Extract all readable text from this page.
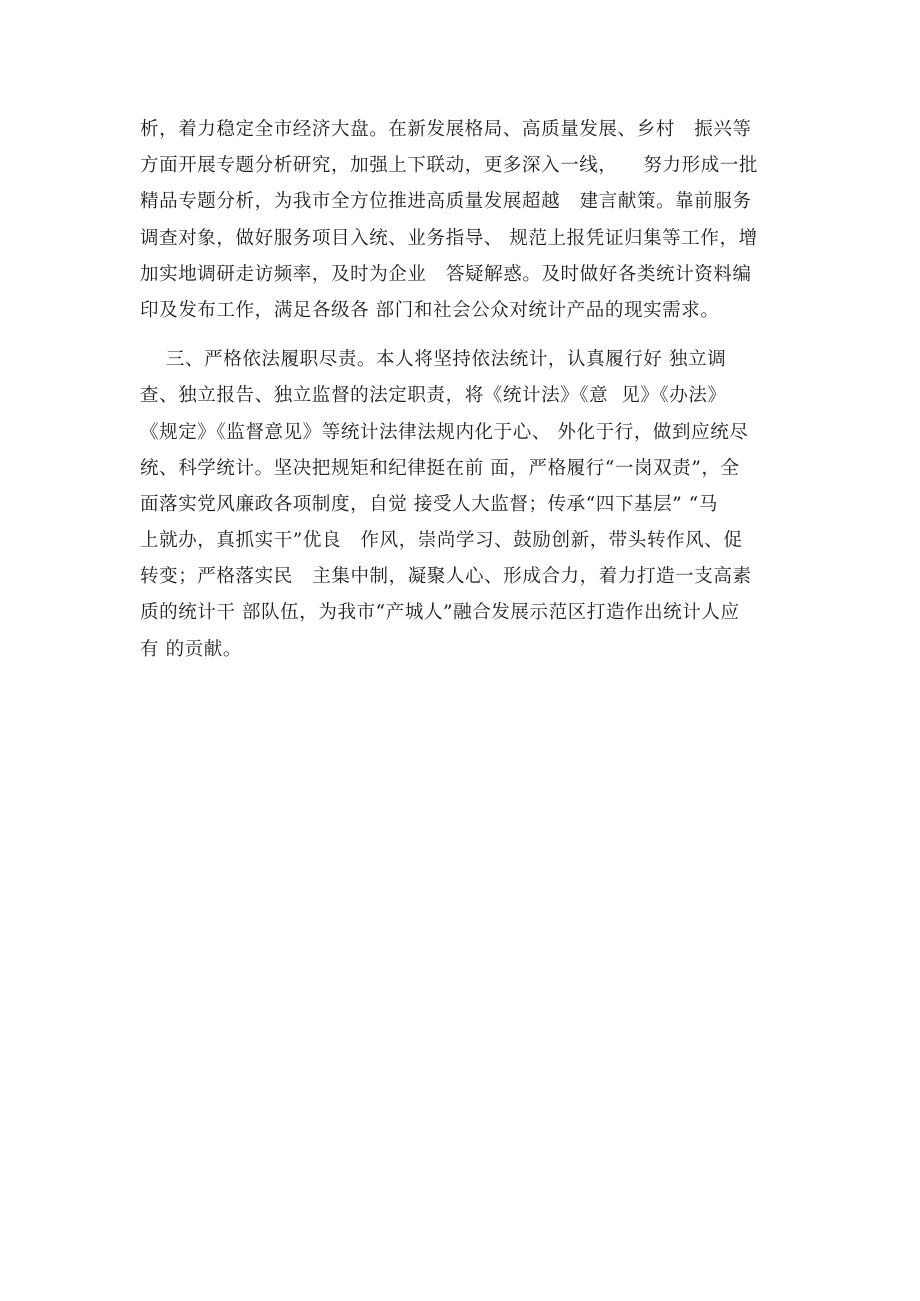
析，着力稳定全市经济大盘。在新发展格局、高质量发展、乡村   振兴等
方面开展专题分析研究，加强上下联动，更多深入一线，    努力形成一批
精品专题分析，为我市全方位推进高质量发展超越   建言献策。靠前服务
调查对象，做好服务项目入统、业务指导、 规范上报凭证归集等工作，增
加实地调研走访频率，及时为企业   答疑解惑。及时做好各类统计资料编
印及发布工作，满足各级各 部门和社会公众对统计产品的现实需求。
三、严格依法履职尽责。本人将坚持依法统计，认真履行好 独立调
查、独立报告、独立监督的法定职责，将《统计法》《意  见》《办法》
《规定》《监督意见》等统计法律法规内化于心、 外化于行，做到应统尽
统、科学统计。坚决把规矩和纪律挺在前 面，严格履行“一岗双责”，全
面落实党风廉政各项制度，自觉 接受人大监督；传承“四下基层” “马
上就办，真抓实干”优良   作风，崇尚学习、鼓励创新，带头转作风、促
转变；严格落实民   主集中制，凝聚人心、形成合力，着力打造一支高素
质的统计干 部队伍，为我市“产城人”融合发展示范区打造作出统计人应
有 的贡献。
